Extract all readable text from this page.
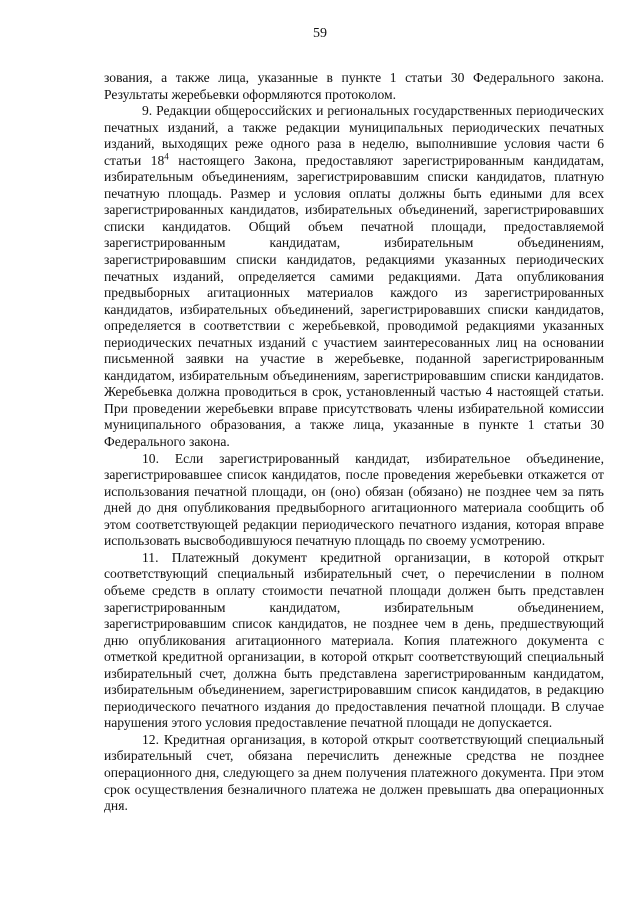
59

зования, а также лица, указанные в пункте 1 статьи 30 Федерального закона. Результаты жеребьевки оформляются протоколом.

9. Редакции общероссийских и региональных государственных периодических печатных изданий, а также редакции муниципальных периодических печатных изданий, выходящих реже одного раза в неделю, выполнившие условия части 6 статьи $18^4$ настоящего Закона, предоставляют зарегистрированным кандидатам, избирательным объединениям, зарегистрировавшим списки кандидатов, платную печатную площадь. Размер и условия оплаты должны быть едиными для всех зарегистрированных кандидатов, избирательных объединений, зарегистрировавших списки кандидатов. Общий объем печатной площади, предоставляемой зарегистрированным кандидатам, избирательным объединениям, зарегистрировавшим списки кандидатов, редакциями указанных периодических печатных изданий, определяется самими редакциями. Дата опубликования предвыборных агитационных материалов каждого из зарегистрированных кандидатов, избирательных объединений, зарегистрировавших списки кандидатов, определяется в соответствии с жеребьевкой, проводимой редакциями указанных периодических печатных изданий с участием заинтересованных лиц на основании письменной заявки на участие в жеребьевке, поданной зарегистрированным кандидатом, избирательным объединениям, зарегистрировавшим списки кандидатов. Жеребьевка должна проводиться в срок, установленный частью 4 настоящей статьи. При проведении жеребьевки вправе присутствовать члены избирательной комиссии муниципального образования, а также лица, указанные в пункте 1 статьи 30 Федерального закона.

10. Если зарегистрированный кандидат, избирательное объединение, зарегистрировавшее список кандидатов, после проведения жеребьевки откажется от использования печатной площади, он (оно) обязан (обязано) не позднее чем за пять дней до дня опубликования предвыборного агитационного материала сообщить об этом соответствующей редакции периодического печатного издания, которая вправе использовать высвободившуюся печатную площадь по своему усмотрению.

11. Платежный документ кредитной организации, в которой открыт соответствующий специальный избирательный счет, о перечислении в полном объеме средств в оплату стоимости печатной площади должен быть представлен зарегистрированным кандидатом, избирательным объединением, зарегистрировавшим список кандидатов, не позднее чем в день, предшествующий дню опубликования агитационного материала. Копия платежного документа с отметкой кредитной организации, в которой открыт соответствующий специальный избирательный счет, должна быть представлена зарегистрированным кандидатом, избирательным объединением, зарегистрировавшим список кандидатов, в редакцию периодического печатного издания до предоставления печатной площади. В случае нарушения этого условия предоставление печатной площади не допускается.

12. Кредитная организация, в которой открыт соответствующий специальный избирательный счет, обязана перечислить денежные средства не позднее операционного дня, следующего за днем получения платежного документа. При этом срок осуществления безналичного платежа не должен превышать два операционных дня.
